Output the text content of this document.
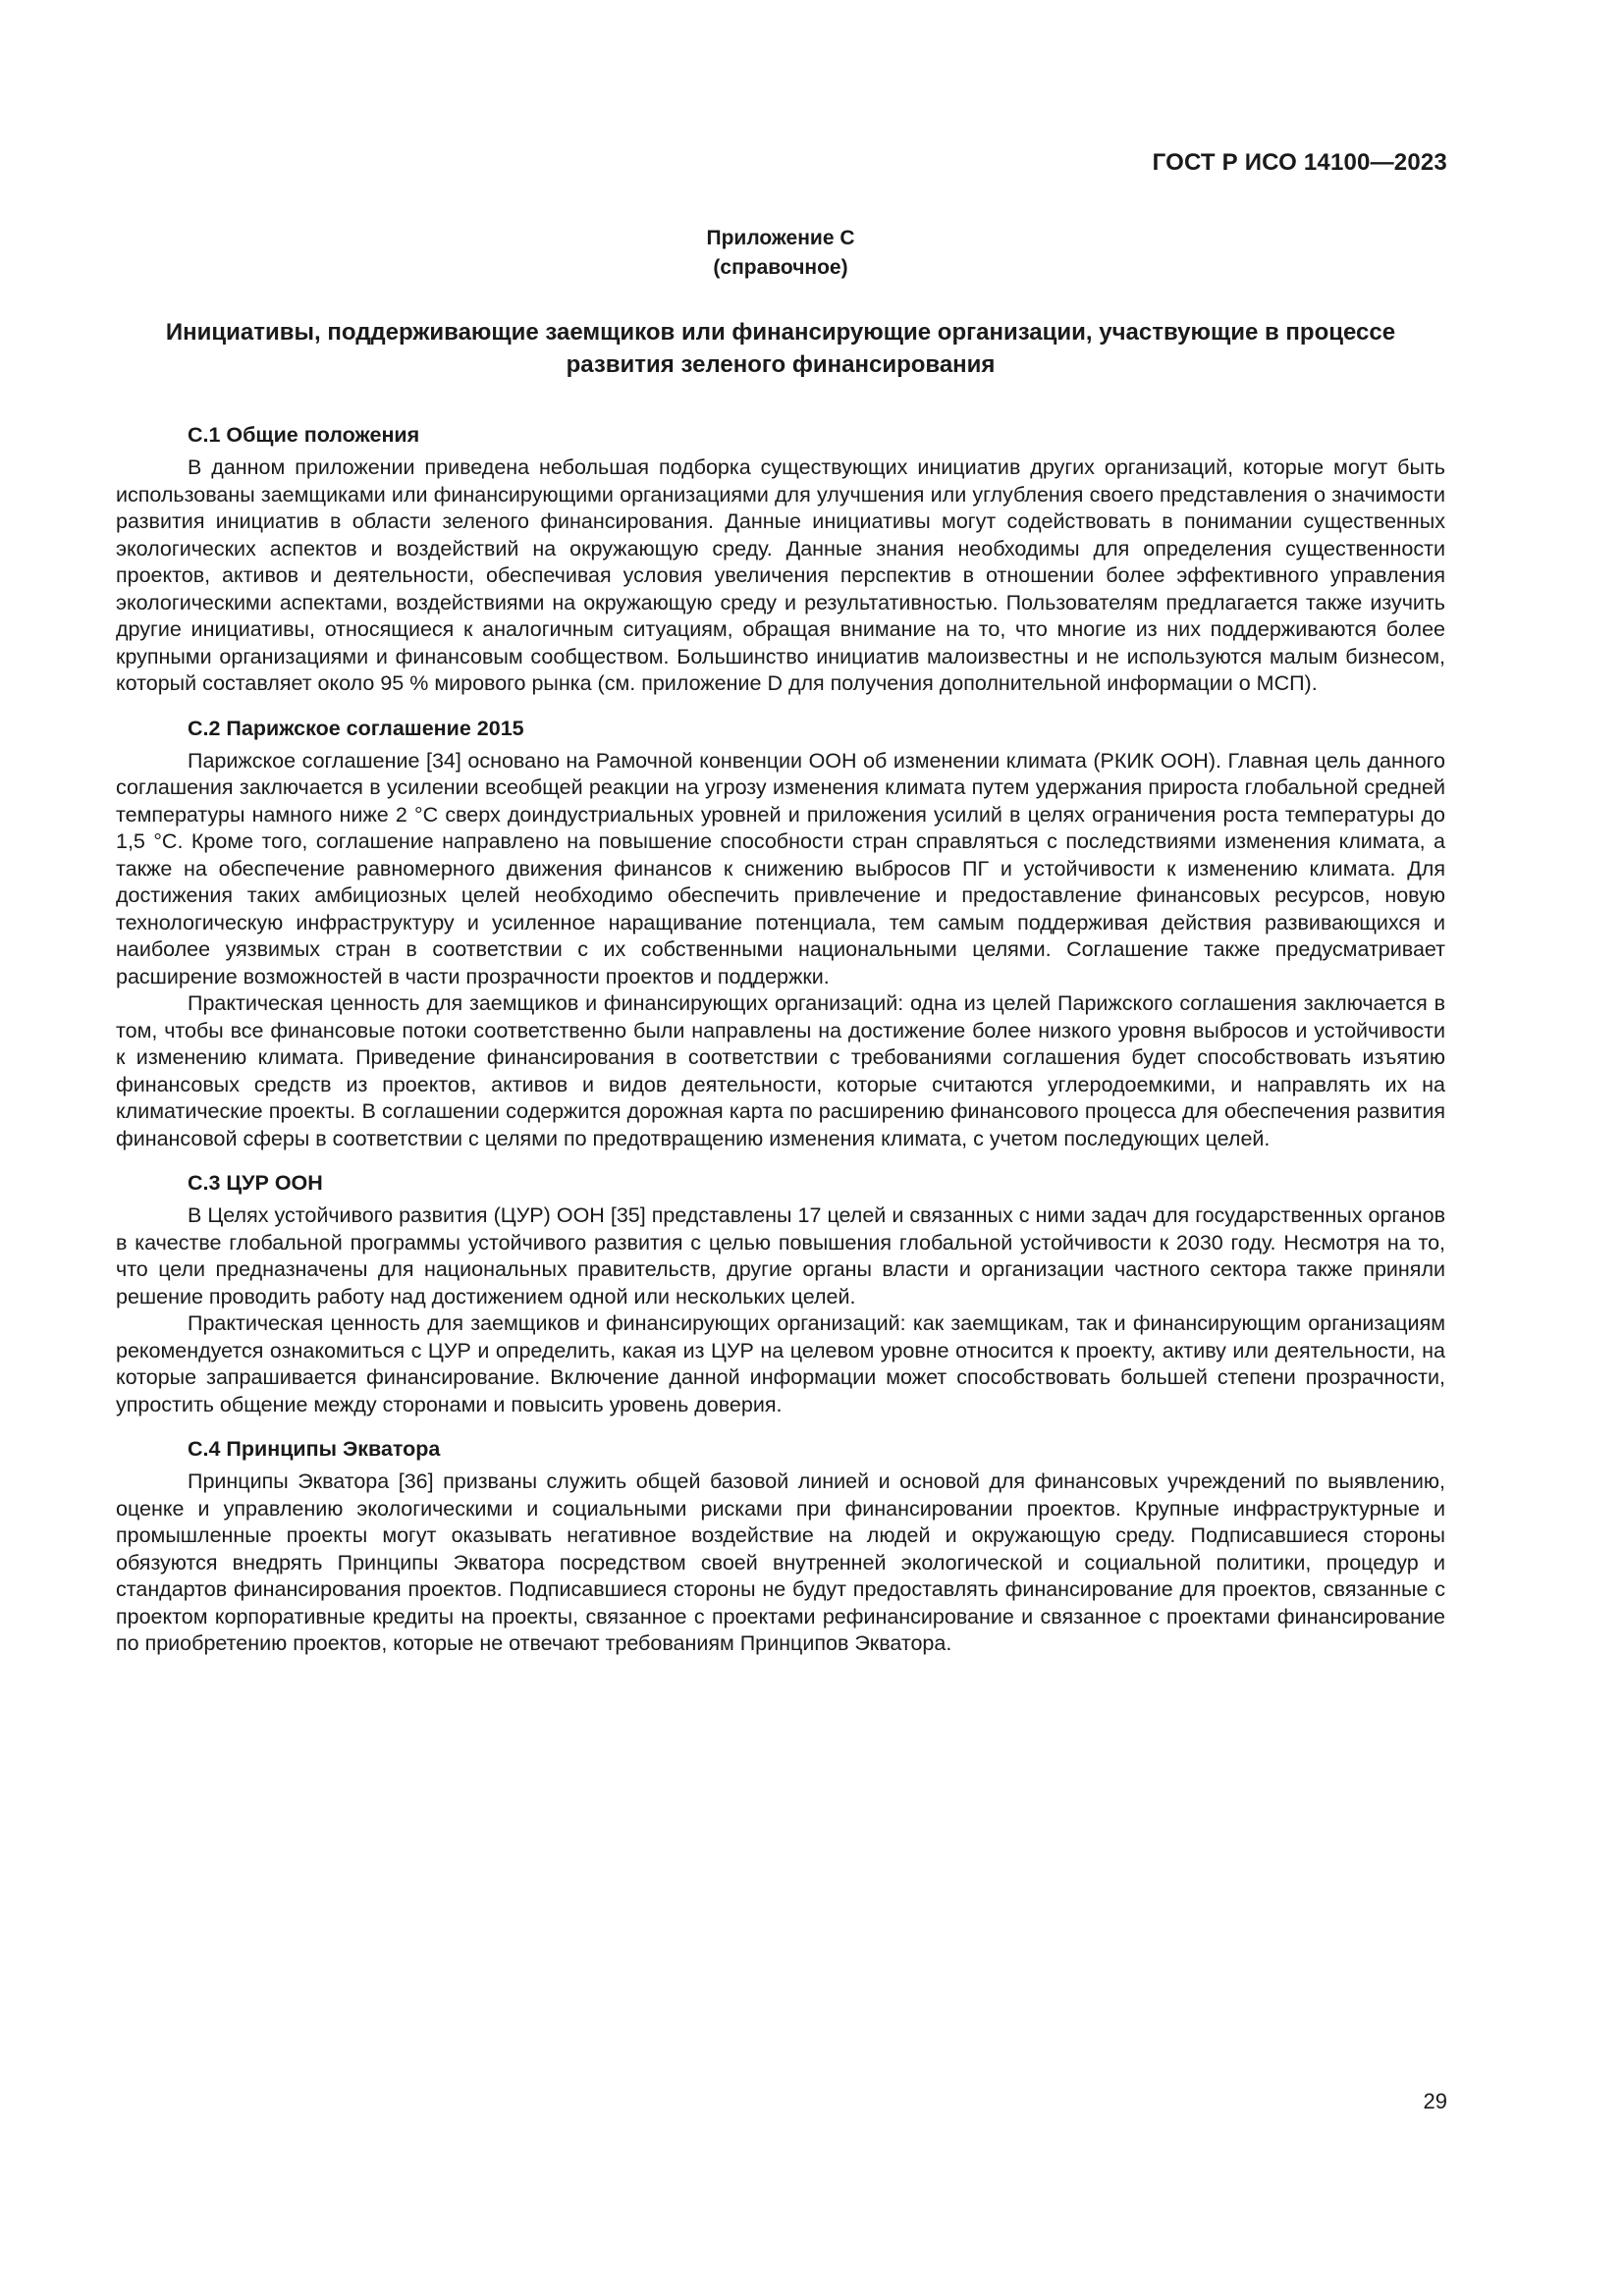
ГОСТ Р ИСО 14100—2023

Приложение С

(справочное)

Инициативы, поддерживающие заемщиков или финансирующие организации, участвующие в процессе развития зеленого финансирования

С.1 Общие положения

В данном приложении приведена небольшая подборка существующих инициатив других организаций, которые могут быть использованы заемщиками или финансирующими организациями для улучшения или углубления своего представления о значимости развития инициатив в области зеленого финансирования. Данные инициативы могут содействовать в понимании существенных экологических аспектов и воздействий на окружающую среду. Данные знания необходимы для определения существенности проектов, активов и деятельности, обеспечивая условия увеличения перспектив в отношении более эффективного управления экологическими аспектами, воздействиями на окружающую среду и результативностью. Пользователям предлагается также изучить другие инициативы, относящиеся к аналогичным ситуациям, обращая внимание на то, что многие из них поддерживаются более крупными организациями и финансовым сообществом. Большинство инициатив малоизвестны и не используются малым бизнесом, который составляет около 95 % мирового рынка (см. приложение D для получения дополнительной информации о МСП).

С.2 Парижское соглашение 2015

Парижское соглашение [34] основано на Рамочной конвенции ООН об изменении климата (РКИК ООН). Главная цель данного соглашения заключается в усилении всеобщей реакции на угрозу изменения климата путем удержания прироста глобальной средней температуры намного ниже 2 °С сверх доиндустриальных уровней и приложения усилий в целях ограничения роста температуры до 1,5 °С. Кроме того, соглашение направлено на повышение способности стран справляться с последствиями изменения климата, а также на обеспечение равномерного движения финансов к снижению выбросов ПГ и устойчивости к изменению климата. Для достижения таких амбициозных целей необходимо обеспечить привлечение и предоставление финансовых ресурсов, новую технологическую инфраструктуру и усиленное наращивание потенциала, тем самым поддерживая действия развивающихся и наиболее уязвимых стран в соответствии с их собственными национальными целями. Соглашение также предусматривает расширение возможностей в части прозрачности проектов и поддержки.

Практическая ценность для заемщиков и финансирующих организаций: одна из целей Парижского соглашения заключается в том, чтобы все финансовые потоки соответственно были направлены на достижение более низкого уровня выбросов и устойчивости к изменению климата. Приведение финансирования в соответствии с требованиями соглашения будет способствовать изъятию финансовых средств из проектов, активов и видов деятельности, которые считаются углеродоемкими, и направлять их на климатические проекты. В соглашении содержится дорожная карта по расширению финансового процесса для обеспечения развития финансовой сферы в соответствии с целями по предотвращению изменения климата, с учетом последующих целей.

С.3 ЦУР ООН

В Целях устойчивого развития (ЦУР) ООН [35] представлены 17 целей и связанных с ними задач для государственных органов в качестве глобальной программы устойчивого развития с целью повышения глобальной устойчивости к 2030 году. Несмотря на то, что цели предназначены для национальных правительств, другие органы власти и организации частного сектора также приняли решение проводить работу над достижением одной или нескольких целей.

Практическая ценность для заемщиков и финансирующих организаций: как заемщикам, так и финансирующим организациям рекомендуется ознакомиться с ЦУР и определить, какая из ЦУР на целевом уровне относится к проекту, активу или деятельности, на которые запрашивается финансирование. Включение данной информации может способствовать большей степени прозрачности, упростить общение между сторонами и повысить уровень доверия.

С.4 Принципы Экватора

Принципы Экватора [36] призваны служить общей базовой линией и основой для финансовых учреждений по выявлению, оценке и управлению экологическими и социальными рисками при финансировании проектов. Крупные инфраструктурные и промышленные проекты могут оказывать негативное воздействие на людей и окружающую среду. Подписавшиеся стороны обязуются внедрять Принципы Экватора посредством своей внутренней экологической и социальной политики, процедур и стандартов финансирования проектов. Подписавшиеся стороны не будут предоставлять финансирование для проектов, связанные с проектом корпоративные кредиты на проекты, связанное с проектами рефинансирование и связанное с проектами финансирование по приобретению проектов, которые не отвечают требованиям Принципов Экватора.

29
